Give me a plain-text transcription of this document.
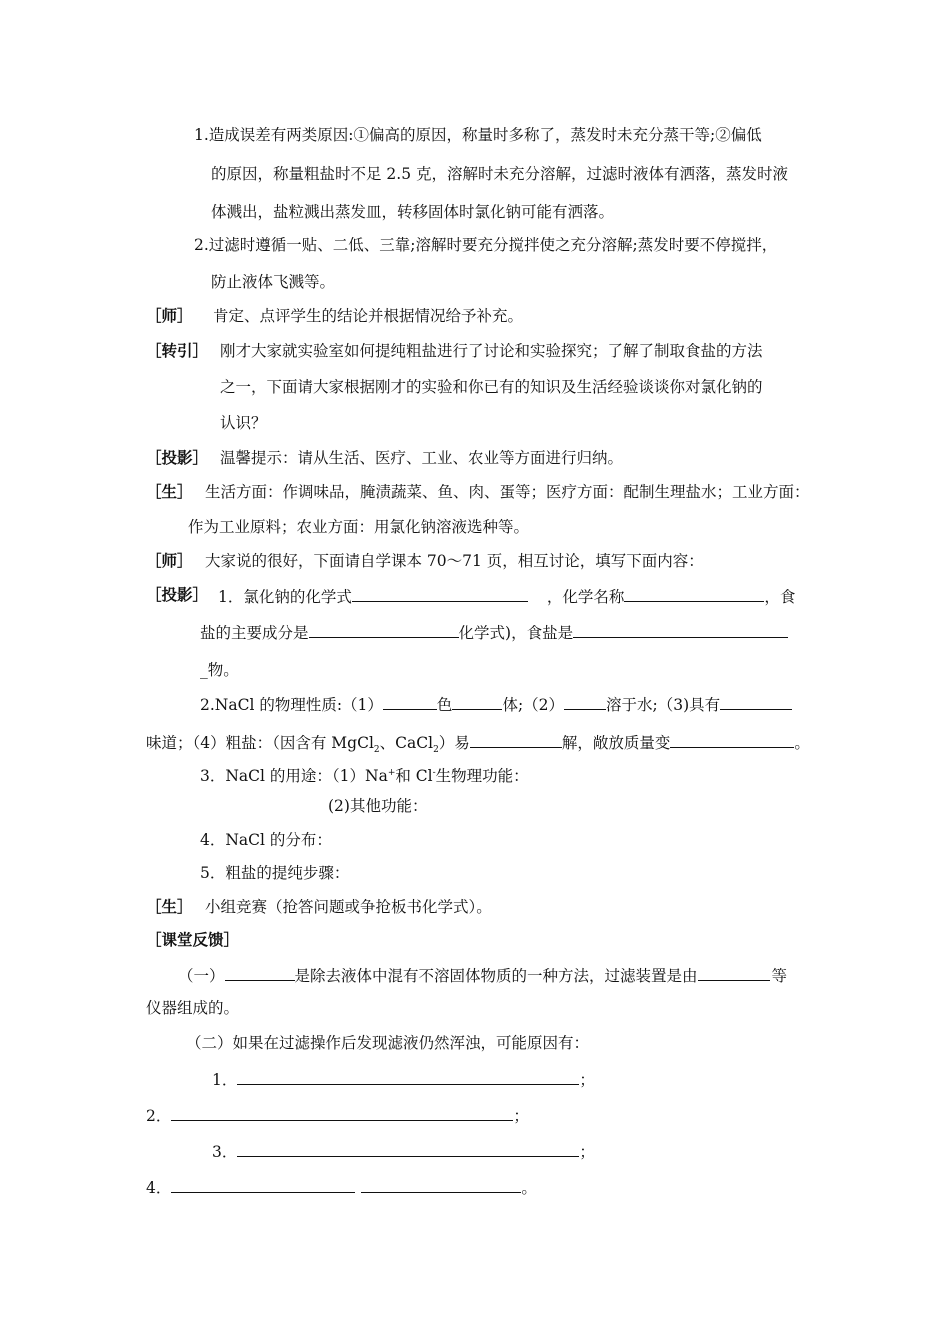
1.造成误差有两类原因:①偏高的原因，称量时多称了，蒸发时未充分蒸干等;②偏低
的原因，称量粗盐时不足 2.5 克，溶解时未充分溶解，过滤时液体有洒落，蒸发时液
体溅出，盐粒溅出蒸发皿，转移固体时氯化钠可能有洒落。
2.过滤时遵循一贴、二低、三靠;溶解时要充分搅拌使之充分溶解;蒸发时要不停搅拌，
防止液体飞溅等。
［师］ 肯定、点评学生的结论并根据情况给予补充。
［转引］ 刚才大家就实验室如何提纯粗盐进行了讨论和实验探究；了解了制取食盐的方法
之一，下面请大家根据刚才的实验和你已有的知识及生活经验谈谈你对氯化钠的
认识？
［投影］ 温馨提示：请从生活、医疗、工业、农业等方面进行归纳。
［生］ 生活方面：作调味品，腌渍蔬菜、鱼、肉、蛋等；医疗方面：配制生理盐水；工业方面：
作为工业原料；农业方面：用氯化钠溶液选种等。
［师］ 大家说的很好，下面请自学课本 70～71 页，相互讨论，填写下面内容：
［投影］ 1．氯化钠的化学式	，化学名称	，食
盐的主要成分是	化学式)，食盐是
_物。
2.NaCl 的物理性质:（1）	色	体;（2）	溶于水;（3)具有
味道；（4）粗盐：（因含有 MgCl$_2$、CaCl$_2$）易	解，敞放质量变	。
3．NaCl 的用途：（1）Na+和 Cl-生物理功能：
(2)其他功能：
4．NaCl 的分布：
5．粗盐的提纯步骤：
［生］ 小组竞赛（抢答问题或争抢板书化学式）。
［课堂反馈］
（一）	是除去液体中混有不溶固体物质的一种方法，过滤装置是由	等
仪器组成的。
（二）如果在过滤操作后发现滤液仍然浑浊，可能原因有：
1．	；
2．	；
3．	；
4．	。
